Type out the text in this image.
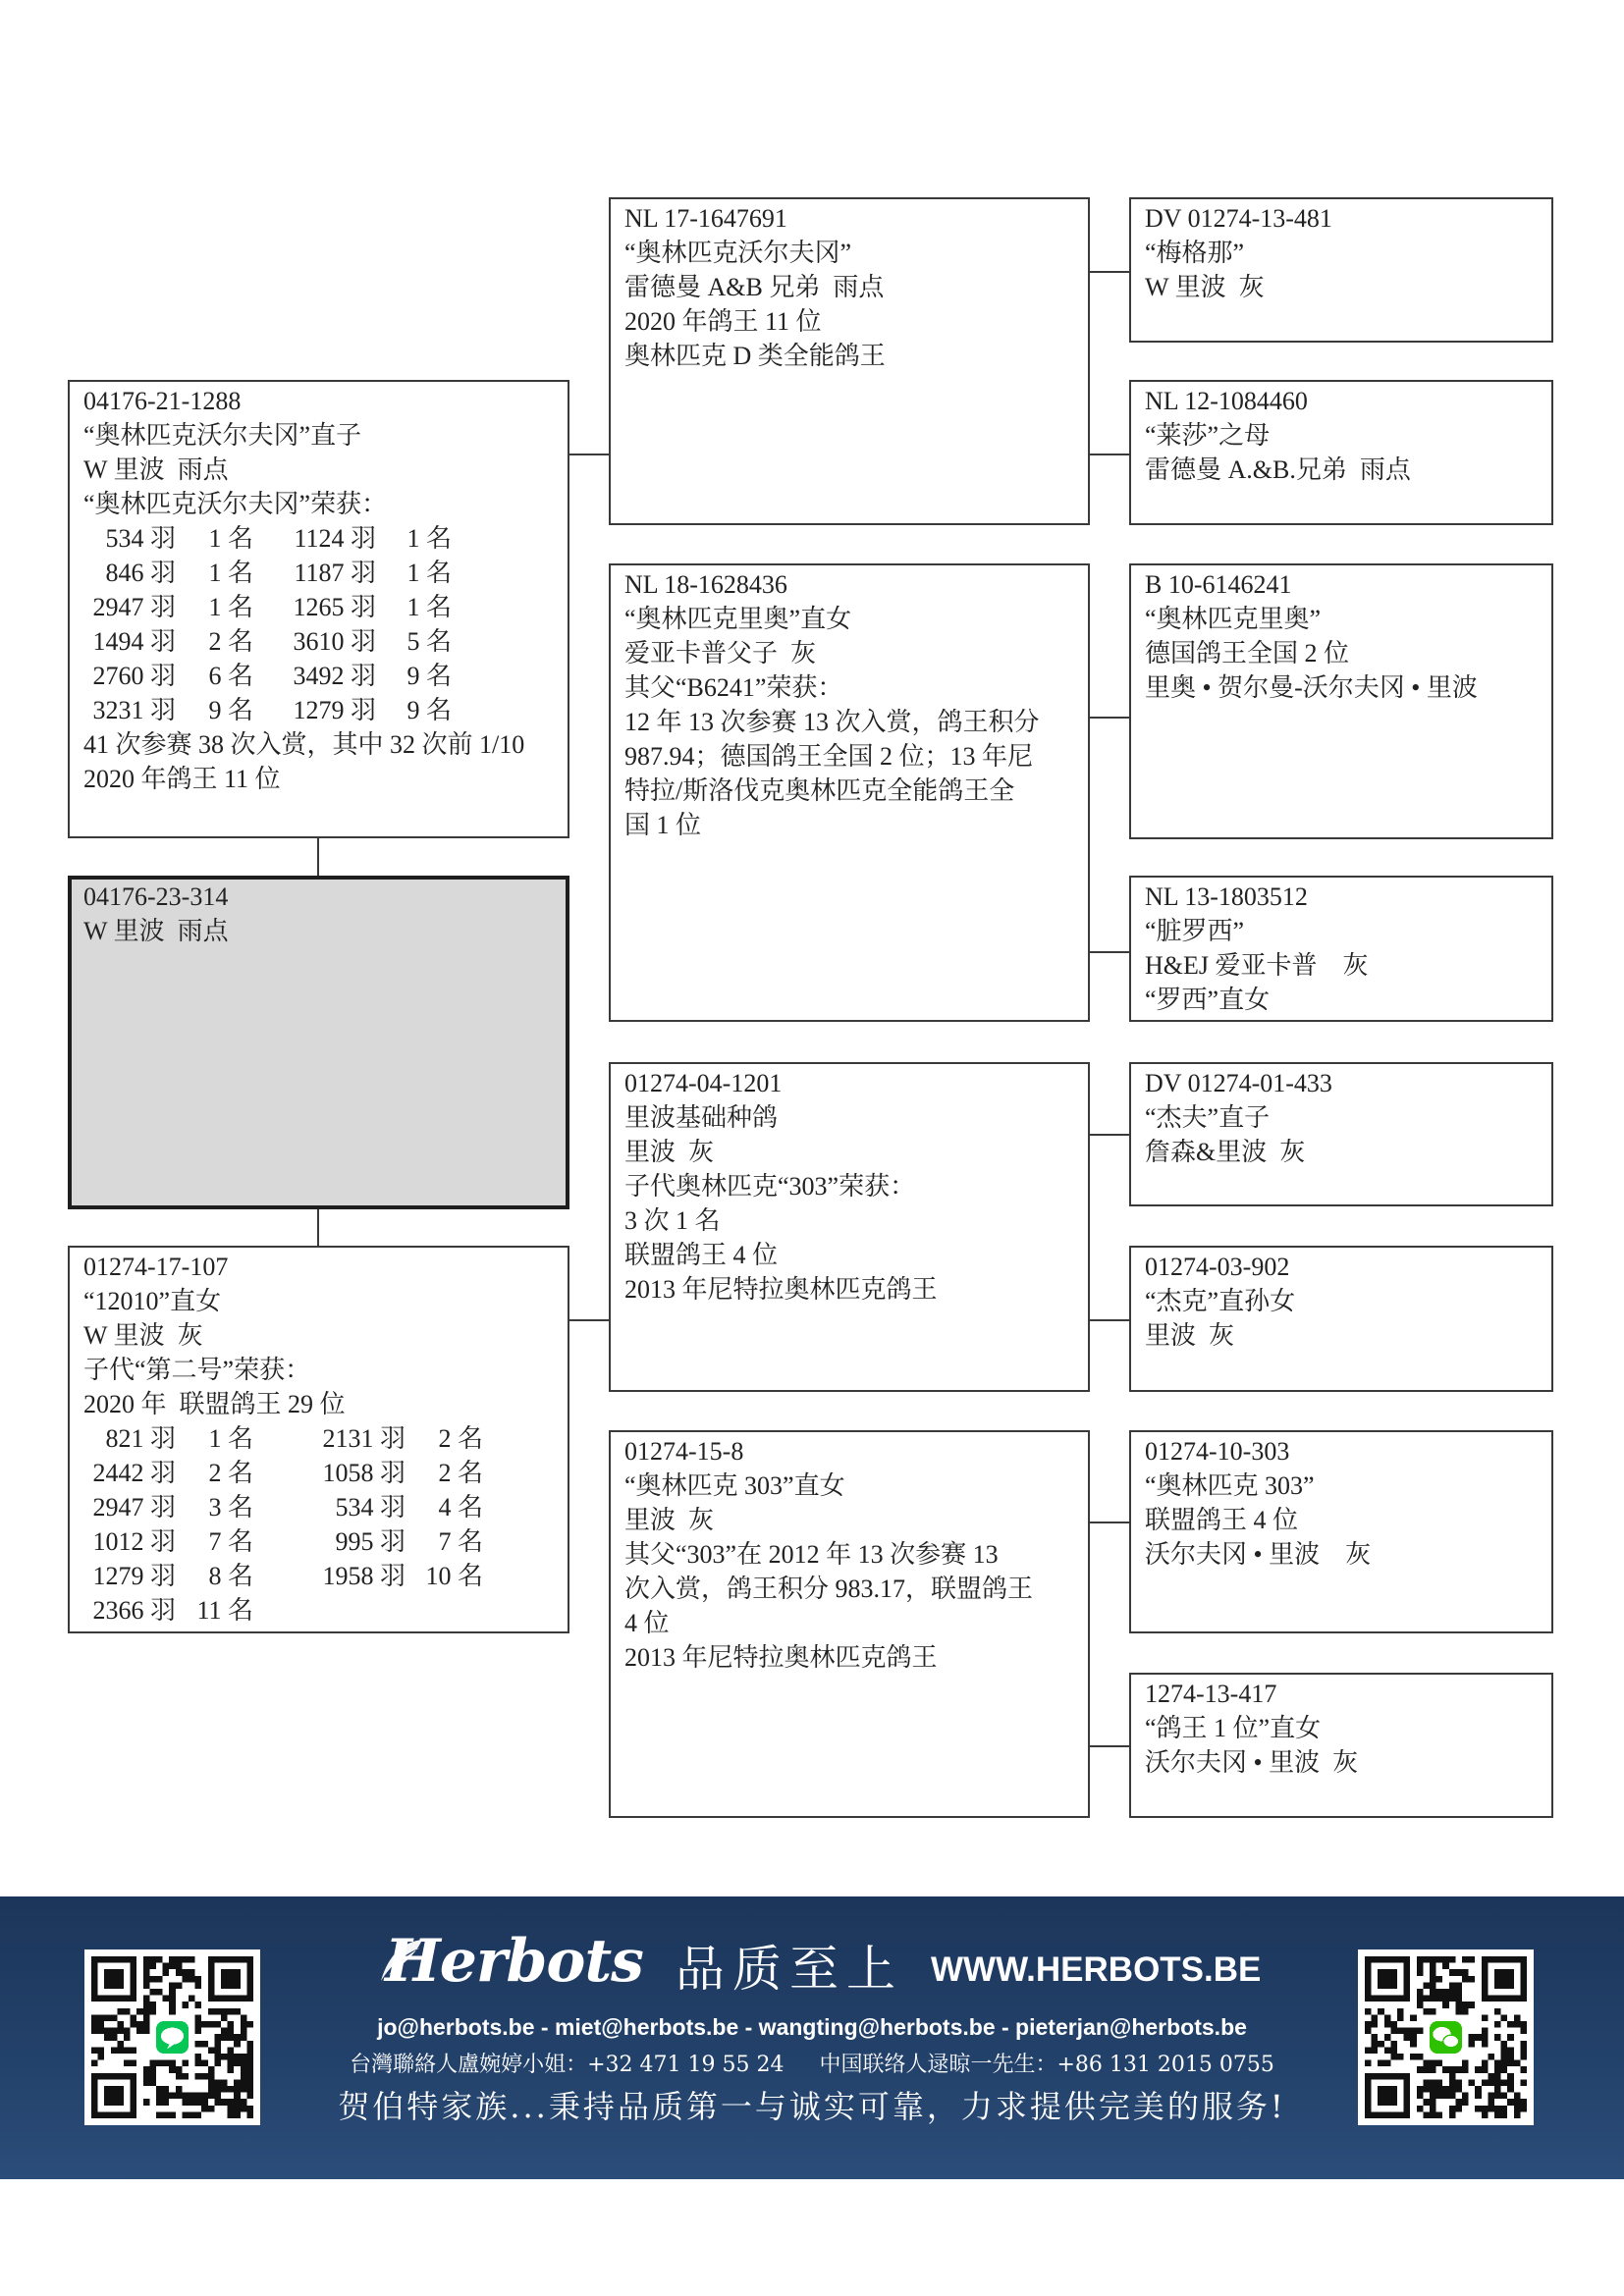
04176-21-1288
“奥林匹克沃尔夫冈”直子
W 里波  雨点
“奥林匹克沃尔夫冈”荣获：
534 羽	1 名	1124 羽	1 名
846 羽	1 名	1187 羽	1 名
2947 羽	1 名	1265 羽	1 名
1494 羽	2 名	3610 羽	5 名
2760 羽	6 名	3492 羽	9 名
3231 羽	9 名	1279 羽	9 名
41 次参赛 38 次入赏，其中 32 次前 1/10
2020 年鸽王 11 位
04176-23-314
W 里波  雨点
01274-17-107
“12010”直女
W 里波  灰
子代“第二号”荣获：
2020 年  联盟鸽王 29 位
821 羽	1 名	2131 羽	2 名
2442 羽	2 名	1058 羽	2 名
2947 羽	3 名	534 羽	4 名
1012 羽	7 名	995 羽	7 名
1279 羽	8 名	1958 羽 10 名
2366 羽 11 名
NL 17-1647691
“奥林匹克沃尔夫冈”
雷德曼 A&B 兄弟  雨点
2020 年鸽王 11 位
奥林匹克 D 类全能鸽王
NL 18-1628436
“奥林匹克里奥”直女
爱亚卡普父子  灰
其父“B6241”荣获：
12 年 13 次参赛 13 次入赏，鸽王积分
987.94；德国鸽王全国 2 位；13 年尼
特拉/斯洛伐克奥林匹克全能鸽王全
国 1 位
01274-04-1201
里波基础种鸽
里波  灰
子代奥林匹克“303”荣获：
3 次 1 名
联盟鸽王 4 位
2013 年尼特拉奥林匹克鸽王
01274-15-8
“奥林匹克 303”直女
里波  灰
其父“303”在 2012 年 13 次参赛 13
次入赏，鸽王积分 983.17，联盟鸽王
4 位
2013 年尼特拉奥林匹克鸽王
DV 01274-13-481
“梅格那”
W 里波  灰
NL 12-1084460
“莱莎”之母
雷德曼 A.&B.兄弟  雨点
B 10-6146241
“奥林匹克里奥”
德国鸽王全国 2 位
里奥 • 贺尔曼-沃尔夫冈 • 里波
NL 13-1803512
“脏罗西”
H&EJ 爱亚卡普    灰
“罗西”直女
DV 01274-01-433
“杰夫”直子
詹森&里波  灰
01274-03-902
“杰克”直孙女
里波  灰
01274-10-303
“奥林匹克 303”
联盟鸽王 4 位
沃尔夫冈 • 里波    灰
1274-13-417
“鸽王 1 位”直女
沃尔夫冈 • 里波  灰
Herbots 品质至上 WWW.HERBOTS.BE
jo@herbots.be - miet@herbots.be - wangting@herbots.be - pieterjan@herbots.be
台灣聯絡人盧婉婷小姐：+32 471 19 55 24 中国联络人逯晾一先生：+86 131 2015 0755
贺伯特家族...秉持品质第一与诚实可靠，力求提供完美的服务!
